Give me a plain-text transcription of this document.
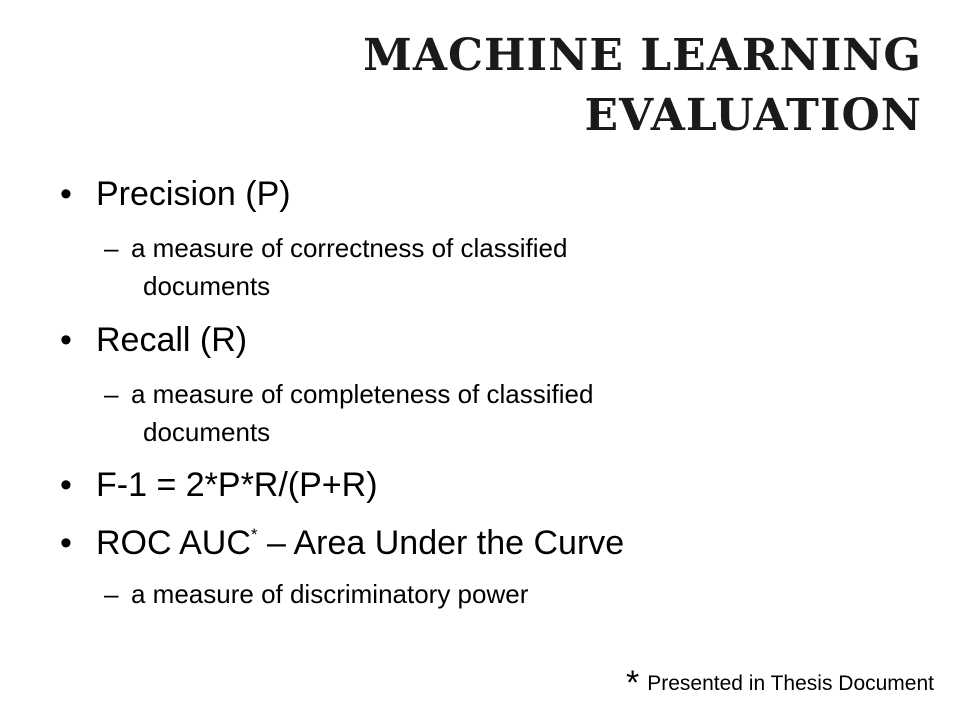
MACHINE LEARNING
EVALUATION
• Precision (P)
– a measure of correctness of classified
documents
• Recall (R)
– a measure of completeness of classified
documents
• F-1 = 2*P*R/(P+R)
• ROC AUC* – Area Under the Curve
– a measure of discriminatory power
* Presented in Thesis Document
